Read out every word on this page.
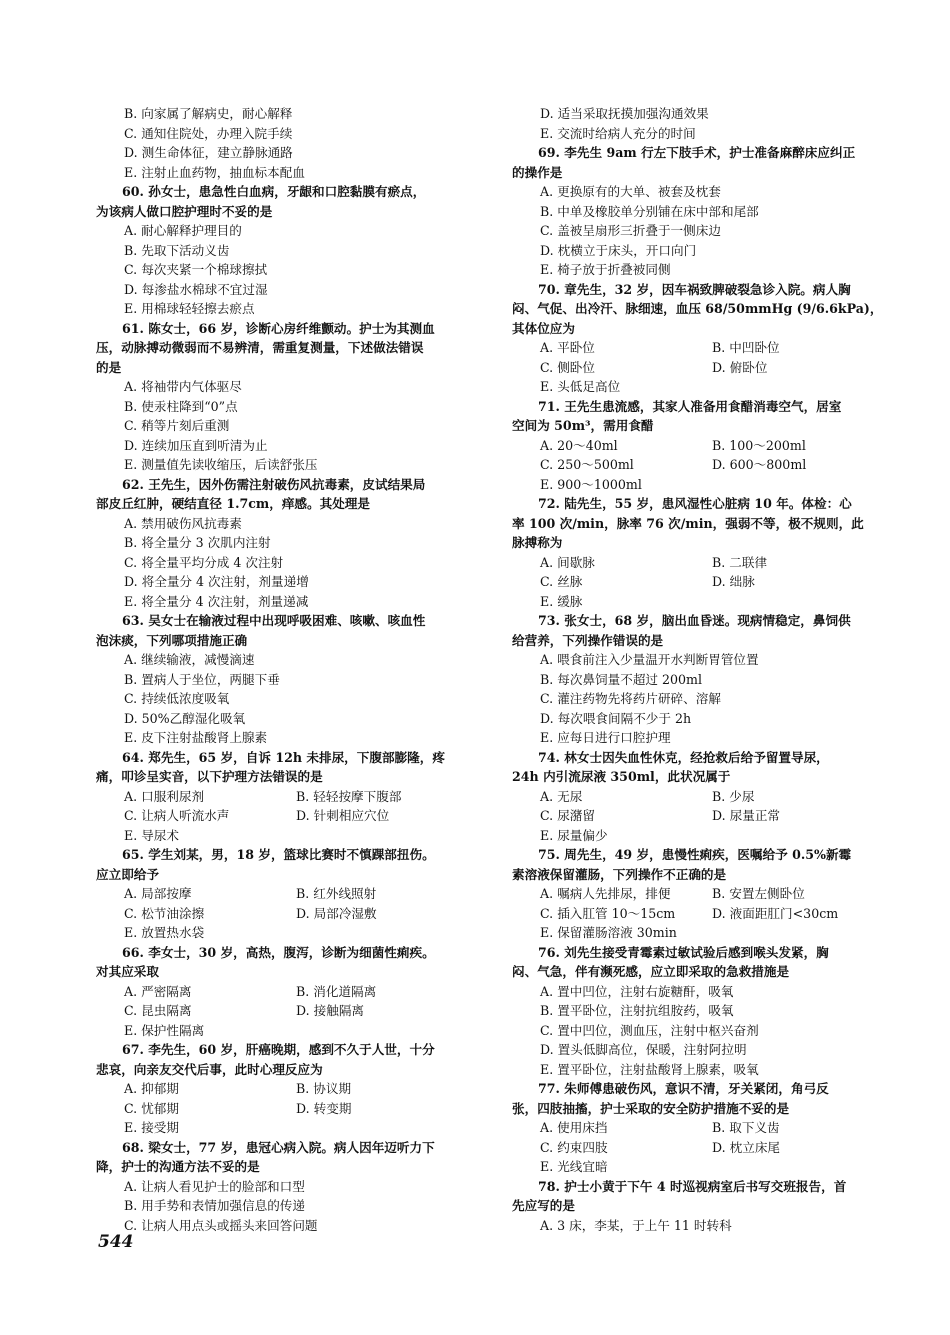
B. 向家属了解病史，耐心解释
C. 通知住院处，办理入院手续
D. 测生命体征，建立静脉通路
E. 注射止血药物，抽血标本配血
60. 孙女士，患急性白血病，牙龈和口腔黏膜有瘀点，
为该病人做口腔护理时不妥的是
A. 耐心解释护理目的
B. 先取下活动义齿
C. 每次夹紧一个棉球擦拭
D. 每渗盐水棉球不宜过湿
E. 用棉球轻轻擦去瘀点
61. 陈女士，66 岁，诊断心房纤维颤动。护士为其测血
压，动脉搏动微弱而不易辨清，需重复测量，下述做法错误
的是
A. 将袖带内气体驱尽
B. 使汞柱降到“0”点
C. 稍等片刻后重测
D. 连续加压直到听清为止
E. 测量值先读收缩压，后读舒张压
62. 王先生，因外伤需注射破伤风抗毒素，皮试结果局
部皮丘红肿，硬结直径 1.7cm，痒感。其处理是
A. 禁用破伤风抗毒素
B. 将全量分 3 次肌内注射
C. 将全量平均分成 4 次注射
D. 将全量分 4 次注射，剂量递增
E. 将全量分 4 次注射，剂量递减
63. 吴女士在输液过程中出现呼吸困难、咳嗽、咳血性
泡沫痰，下列哪项措施正确
A. 继续输液，减慢滴速
B. 置病人于坐位，两腿下垂
C. 持续低浓度吸氧
D. 50%乙醇湿化吸氧
E. 皮下注射盐酸肾上腺素
64. 郑先生，65 岁，自诉 12h 未排尿，下腹部膨隆，疼
痛，叩诊呈实音，以下护理方法错误的是
A. 口服利尿剂	B. 轻轻按摩下腹部
C. 让病人听流水声	D. 针刺相应穴位
E. 导尿术
65. 学生刘某，男，18 岁，篮球比赛时不慎踝部扭伤。
应立即给予
A. 局部按摩	B. 红外线照射
C. 松节油涂擦	D. 局部冷湿敷
E. 放置热水袋
66. 李女士，30 岁，高热，腹泻，诊断为细菌性痢疾。
对其应采取
A. 严密隔离	B. 消化道隔离
C. 昆虫隔离	D. 接触隔离
E. 保护性隔离
67. 李先生，60 岁，肝癌晚期，感到不久于人世，十分
悲哀，向亲友交代后事，此时心理反应为
A. 抑郁期	B. 协议期
C. 忧郁期	D. 转变期
E. 接受期
68. 梁女士，77 岁，患冠心病入院。病人因年迈听力下
降，护士的沟通方法不妥的是
A. 让病人看见护士的脸部和口型
B. 用手势和表情加强信息的传递
C. 让病人用点头或摇头来回答问题
D. 适当采取抚摸加强沟通效果
E. 交流时给病人充分的时间
69. 李先生 9am 行左下肢手术，护士准备麻醉床应纠正
的操作是
A. 更换原有的大单、被套及枕套
B. 中单及橡胶单分别铺在床中部和尾部
C. 盖被呈扇形三折叠于一侧床边
D. 枕横立于床头，开口向门
E. 椅子放于折叠被同侧
70. 章先生，32 岁，因车祸致脾破裂急诊入院。病人胸
闷、气促、出冷汗、脉细速，血压 68/50mmHg (9/6.6kPa)，
其体位应为
A. 平卧位	B. 中凹卧位
C. 侧卧位	D. 俯卧位
E. 头低足高位
71. 王先生患流感，其家人准备用食醋消毒空气，居室
空间为 50m³，需用食醋
A. 20～40ml	B. 100～200ml
C. 250～500ml	D. 600～800ml
E. 900～1000ml
72. 陆先生，55 岁，患风湿性心脏病 10 年。体检：心
率 100 次/min，脉率 76 次/min，强弱不等，极不规则，此
脉搏称为
A. 间歇脉	B. 二联律
C. 丝脉	D. 绌脉
E. 缓脉
73. 张女士，68 岁，脑出血昏迷。现病情稳定，鼻饲供
给营养，下列操作错误的是
A. 喂食前注入少量温开水判断胃管位置
B. 每次鼻饲量不超过 200ml
C. 灌注药物先将药片研碎、溶解
D. 每次喂食间隔不少于 2h
E. 应每日进行口腔护理
74. 林女士因失血性休克，经抢救后给予留置导尿，
24h 内引流尿液 350ml，此状况属于
A. 无尿	B. 少尿
C. 尿潴留	D. 尿量正常
E. 尿量偏少
75. 周先生，49 岁，患慢性痢疾，医嘱给予 0.5%新霉
素溶液保留灌肠，下列操作不正确的是
A. 嘱病人先排尿，排便	B. 安置左侧卧位
C. 插入肛管 10～15cm	D. 液面距肛门<30cm
E. 保留灌肠溶液 30min
76. 刘先生接受青霉素过敏试验后感到喉头发紧，胸
闷、气急，伴有濒死感，应立即采取的急救措施是
A. 置中凹位，注射右旋糖酐，吸氧
B. 置平卧位，注射抗组胺药，吸氧
C. 置中凹位，测血压，注射中枢兴奋剂
D. 置头低脚高位，保暖，注射阿拉明
E. 置平卧位，注射盐酸肾上腺素，吸氧
77. 朱师傅患破伤风，意识不清，牙关紧闭，角弓反
张，四肢抽搐，护士采取的安全防护措施不妥的是
A. 使用床挡	B. 取下义齿
C. 约束四肢	D. 枕立床尾
E. 光线宜暗
78. 护士小黄于下午 4 时巡视病室后书写交班报告，首
先应写的是
A. 3 床，李某，于上午 11 时转科
544
